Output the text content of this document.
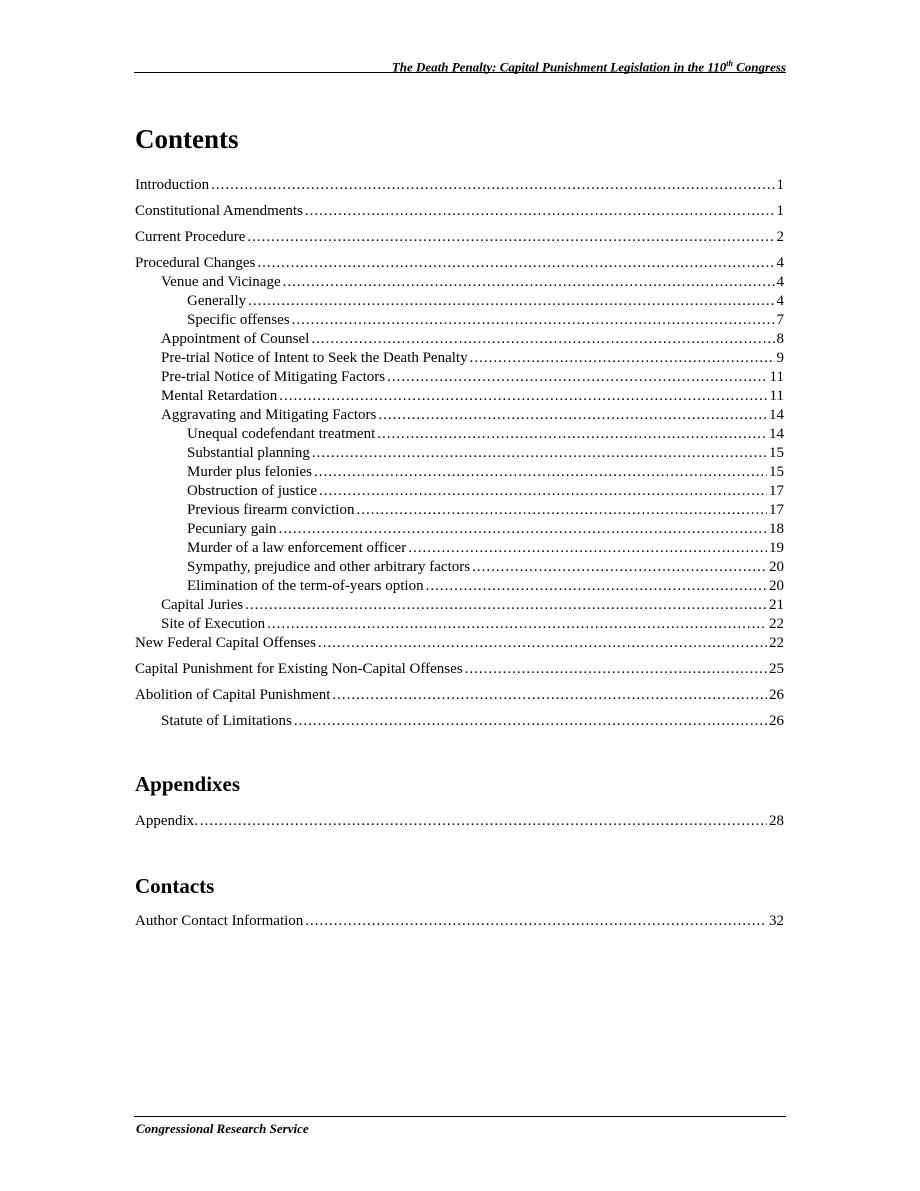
The Death Penalty: Capital Punishment Legislation in the 110th Congress
Contents
Introduction .....	1
Constitutional Amendments .....	1
Current Procedure .....	2
Procedural Changes .....	4
Venue and Vicinage .....	4
Generally .....	4
Specific offenses .....	7
Appointment of Counsel .....	8
Pre-trial Notice of Intent to Seek the Death Penalty .....	9
Pre-trial Notice of Mitigating Factors .....	11
Mental Retardation .....	11
Aggravating and Mitigating Factors .....	14
Unequal codefendant treatment .....	14
Substantial planning .....	15
Murder plus felonies .....	15
Obstruction of justice .....	17
Previous firearm conviction .....	17
Pecuniary gain .....	18
Murder of a law enforcement officer .....	19
Sympathy, prejudice and other arbitrary factors .....	20
Elimination of the term-of-years option .....	20
Capital Juries .....	21
Site of Execution .....	22
New Federal Capital Offenses .....	22
Capital Punishment for Existing Non-Capital Offenses .....	25
Abolition of Capital Punishment .....	26
Statute of Limitations .....	26
Appendixes
Appendix. .....	28
Contacts
Author Contact Information .....	32
Congressional Research Service
